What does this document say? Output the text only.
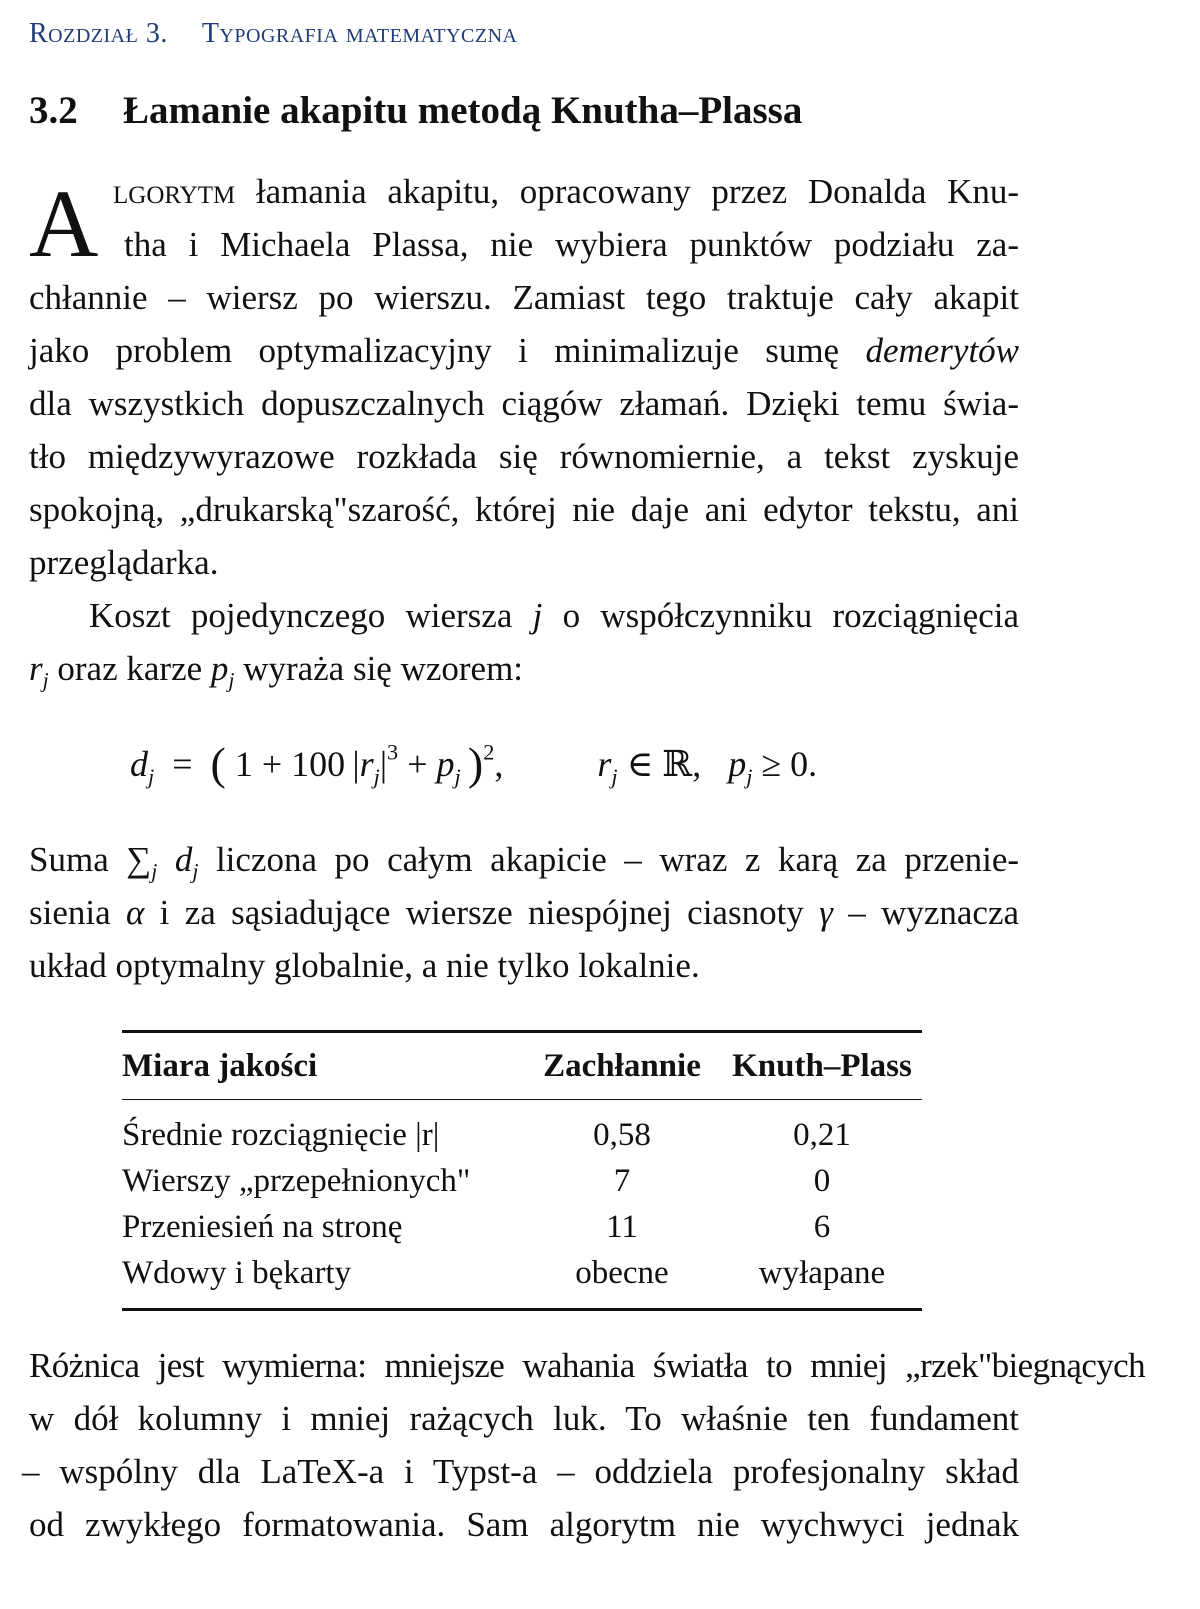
Rozdział 3. Typografia matematyczna
3.2 Łamanie akapitu metodą Knutha–Plassa
A lgorytm łamania akapitu, opracowany przez Donalda Knu-
tha i Michaela Plassa, nie wybiera punktów podziału za-
chłannie – wiersz po wierszu. Zamiast tego traktuje cały akapit
jako problem optymalizacyjny i minimalizuje sumę demerytów
dla wszystkich dopuszczalnych ciągów złamań. Dzięki temu świa-
tło międzywyrazowe rozkłada się równomiernie, a tekst zyskuje
spokojną, „drukarską"szarość, której nie daje ani edytor tekstu, ani
przeglądarka.
Koszt pojedynczego wiersza j o współczynniku rozciągnięcia
$r_j$ oraz karze $p_j$ wyraża się wzorem:
$d_j$ = ( 1 + 100  $|r_j|^3 + p_j$  )$^2$,	$r_j$ ∈ ℝ, $p_j \ge 0$.
Suma $\sum_j$ $d_j$ liczona po całym akapicie – wraz z karą za przenie-
sienia α i za sąsiadujące wiersze niespójnej ciasnoty γ – wyznacza
układ optymalny globalnie, a nie tylko lokalnie.
Miara jakości	Zachłannie	Knuth–Plass
Średnie rozciągnięcie |r|	0,58	0,21
Wierszy „przepełnionych"	7	0
Przeniesień na stronę	11	6
Wdowy i bękarty	obecne	wyłapane
Różnica jest wymierna: mniejsze wahania światła to mniej „rzek"biegnących
w dół kolumny i mniej rażących luk. To właśnie ten fundament
– wspólny dla LaTeX-a i Typst-a – oddziela profesjonalny skład
od zwykłego formatowania. Sam algorytm nie wychwyci jednak
